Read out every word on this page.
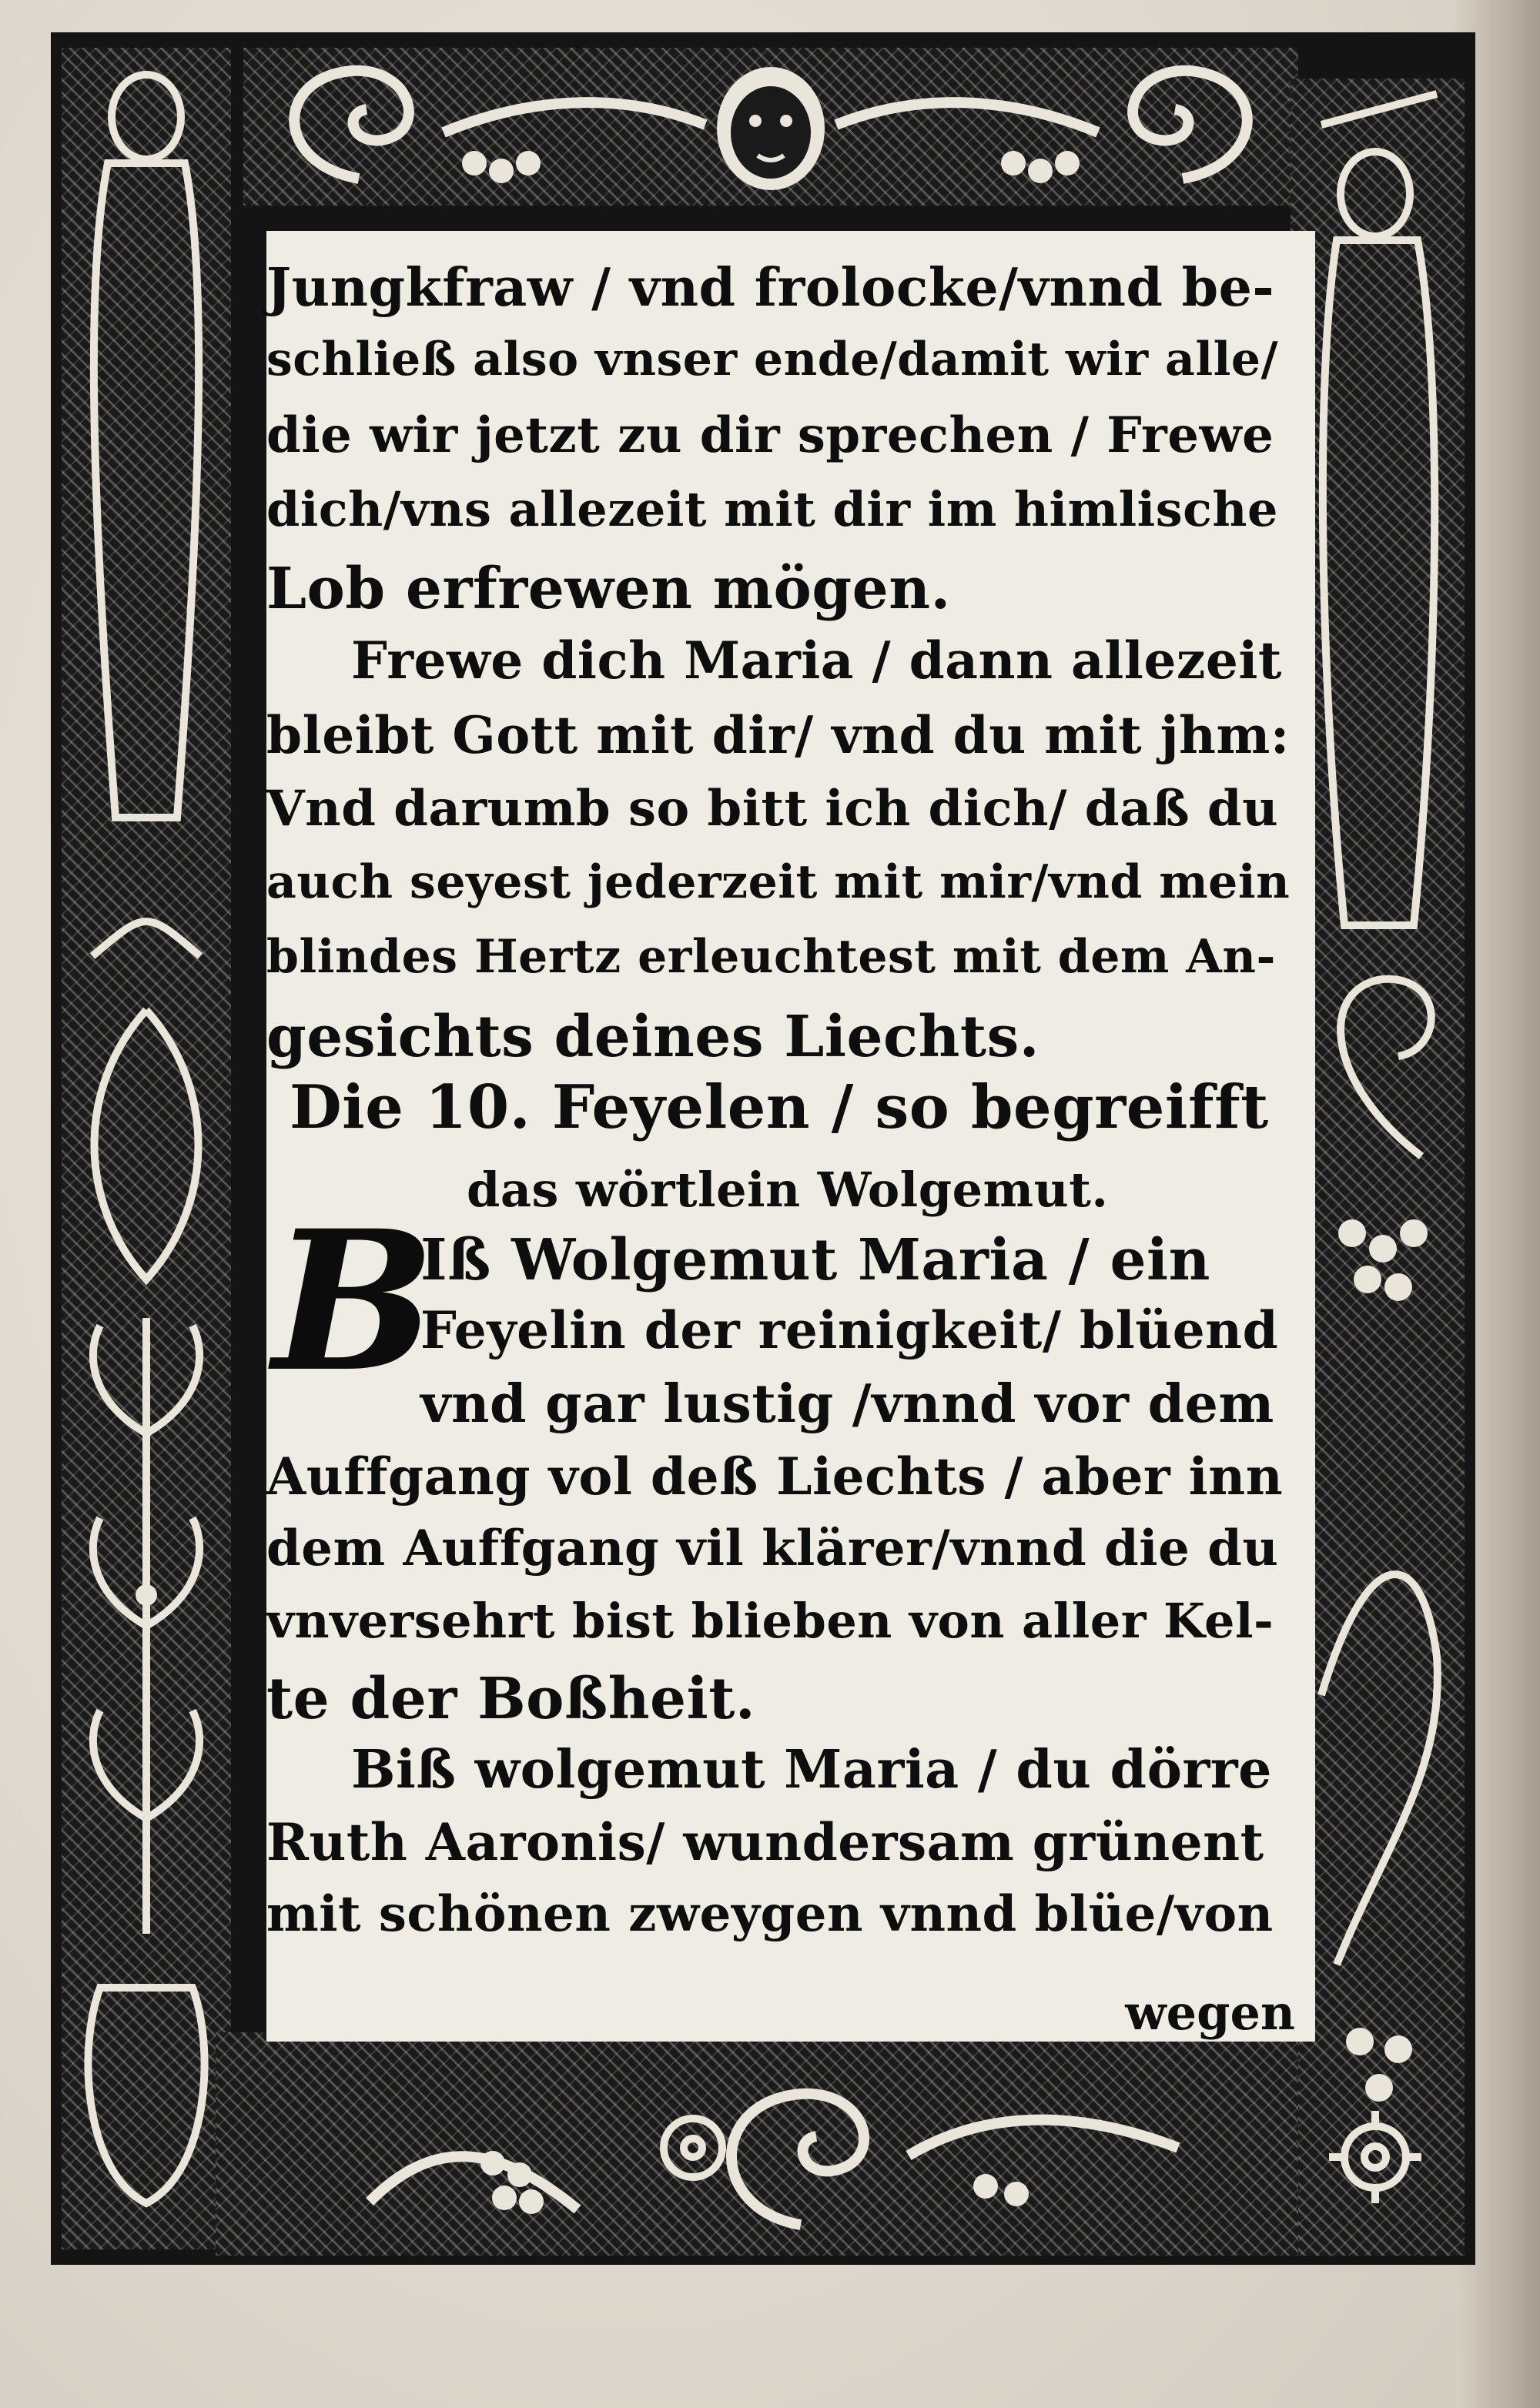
Jungkfraw / vnd frolocke/vnnd be‑

schließ also vnser ende/damit wir alle/

die wir jetzt zu dir sprechen / Frewe

dich/vns allezeit mit dir im himlische

Lob erfrewen mögen.

Frewe dich Maria / dann allezeit

bleibt Gott mit dir/ vnd du mit jhm:

Vnd darumb so bitt ich dich/ daß du

auch seyest jederzeit mit mir/vnd mein

blindes Hertz erleuchtest mit dem An‑

gesichts deines Liechts.

Die 10. Feyelen / so begreifft

das wörtlein Wolgemut.

B

Iß Wolgemut Maria / ein

Feyelin der reinigkeit/ blüend

vnd gar lustig /vnnd vor dem

Auffgang vol deß Liechts / aber inn

dem Auffgang vil klärer/vnnd die du

vnversehrt bist blieben von aller Kel‑

te der Boßheit.

Biß wolgemut Maria / du dörre

Ruth Aaronis/ wundersam grünent

mit schönen zweygen vnnd blüe/von

wegen
